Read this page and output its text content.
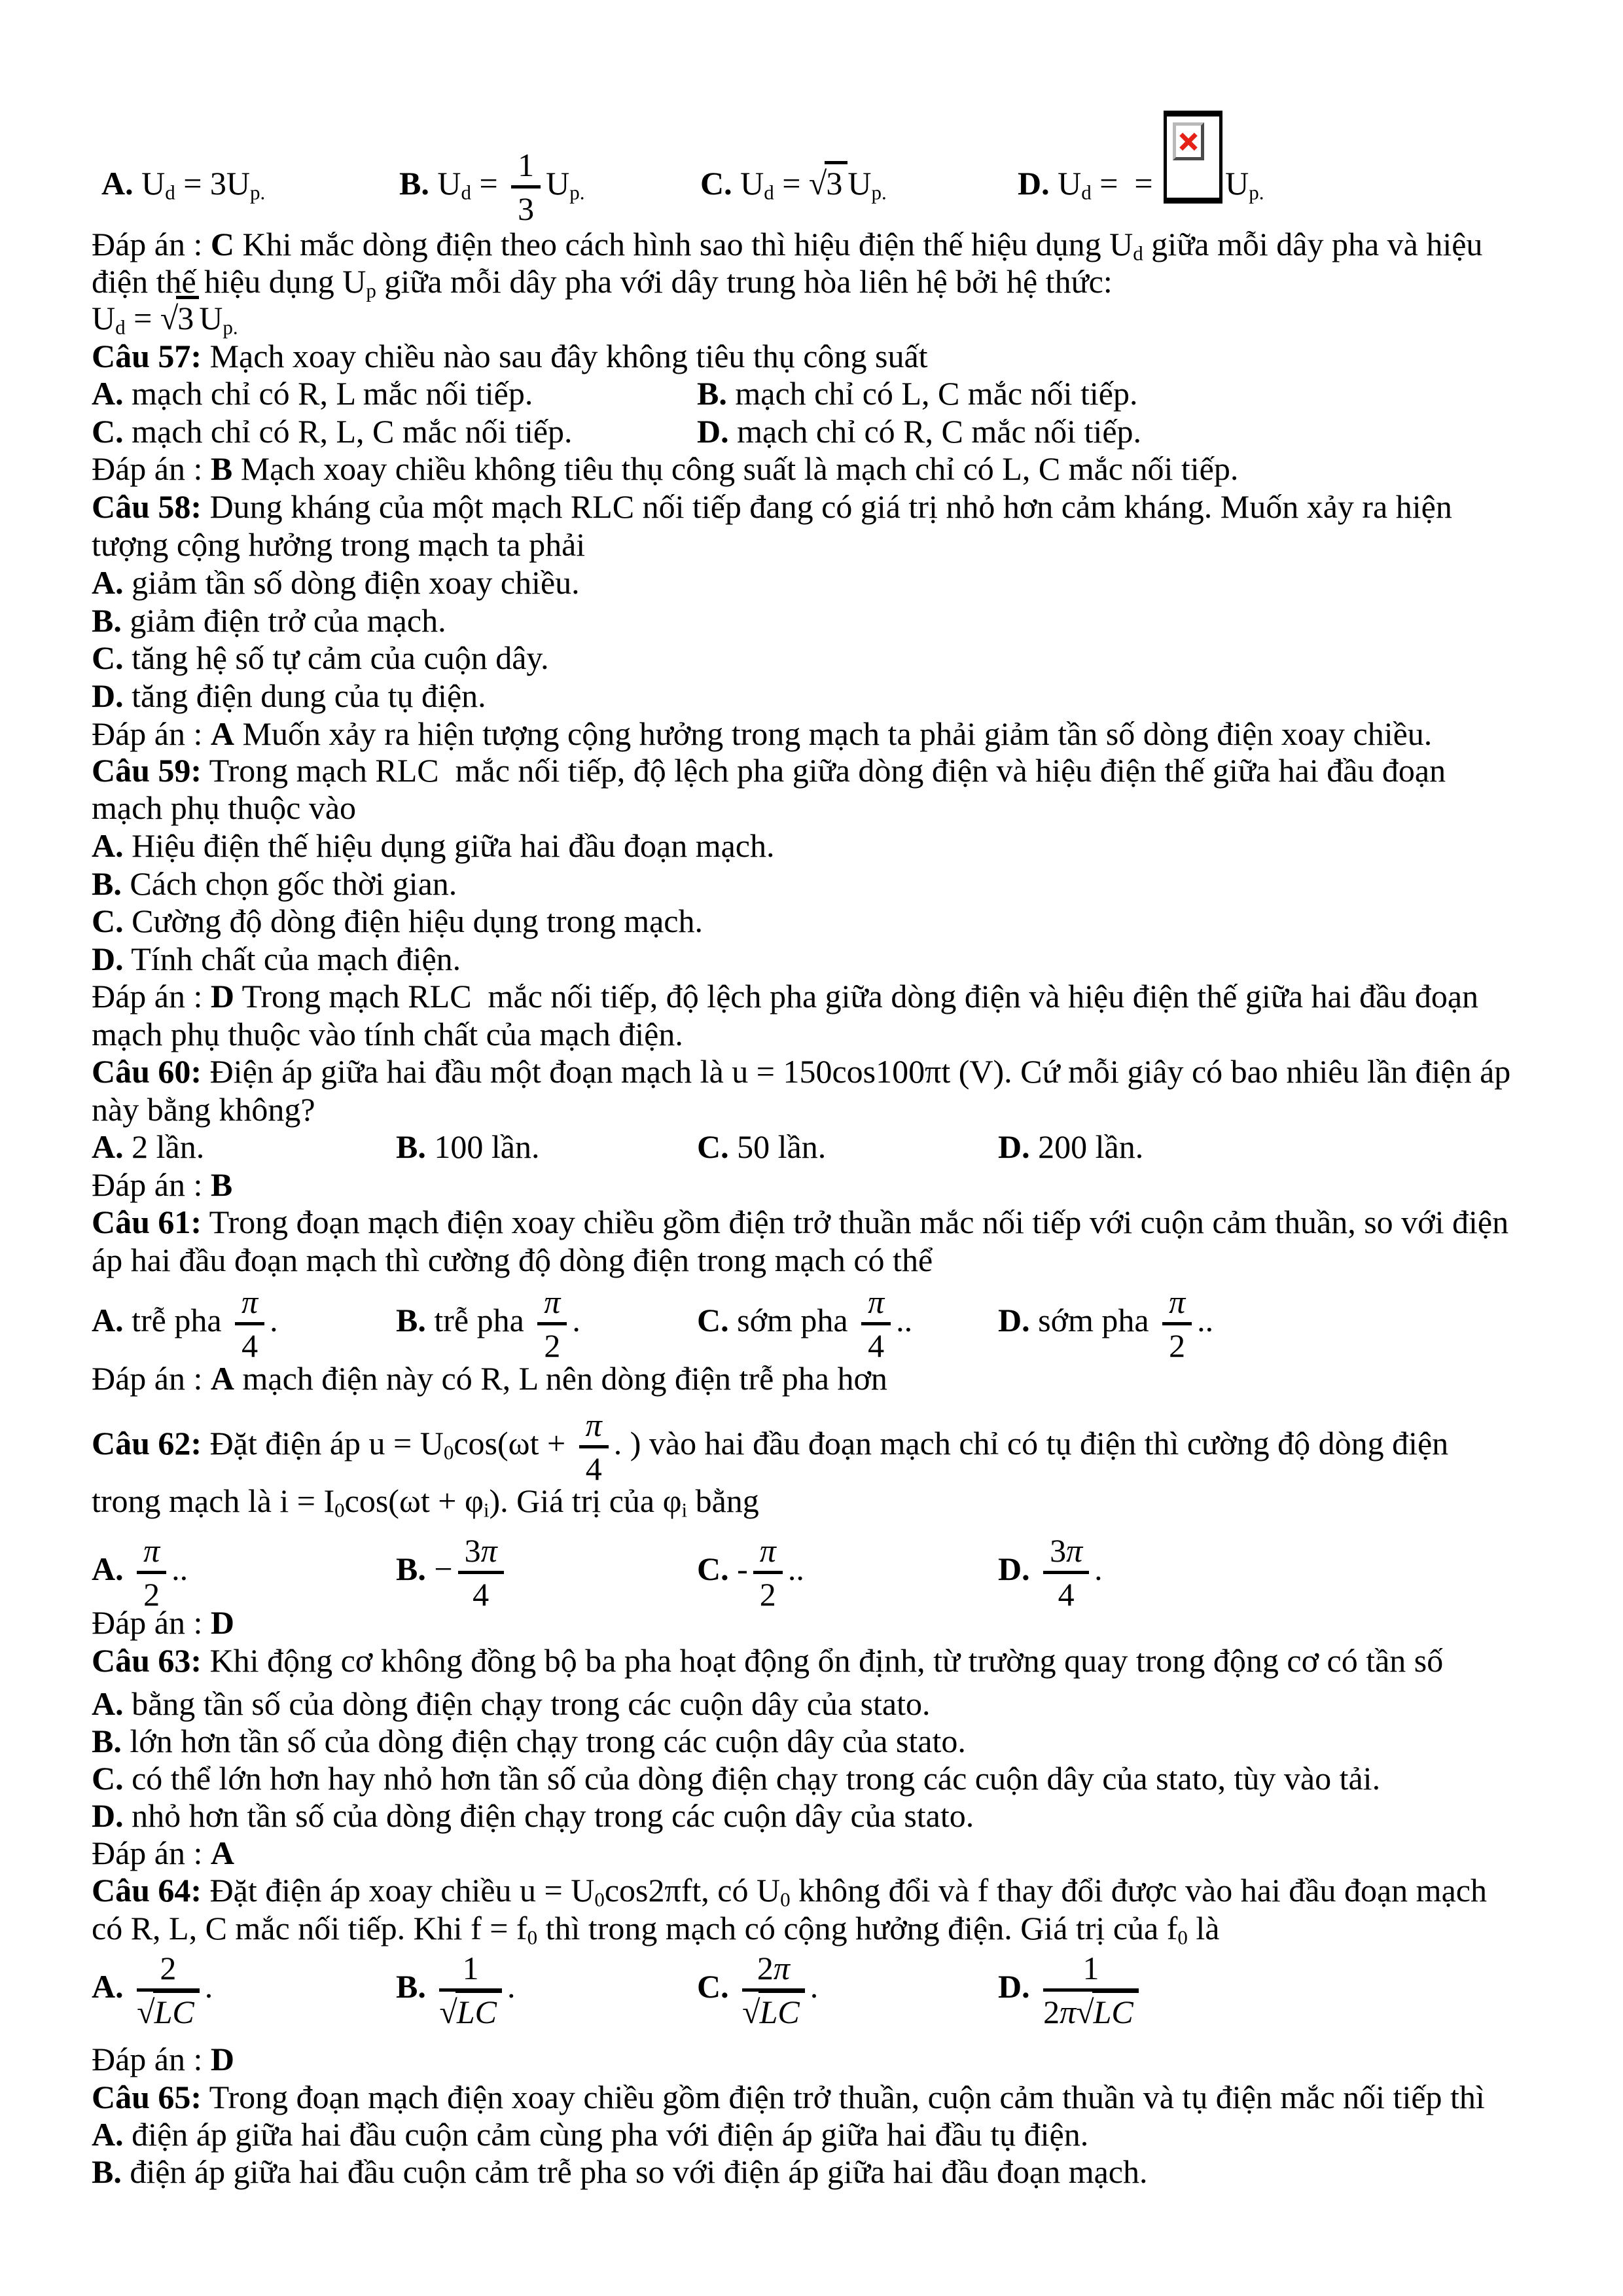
A. Ud = 3Up.	B. $Ud = \frac{1}{3} Up$.	C. Ud = √3 Up.	D. Ud =  =
Up.
Đáp án : C Khi mắc dòng điện theo cách hình sao thì hiệu điện thế hiệu dụng Ud giữa mỗi dây pha và hiệu
điện thế hiệu dụng Up giữa mỗi dây pha với dây trung hòa liên hệ bởi hệ thức:
Ud = √3 Up.
Câu 57: Mạch xoay chiều nào sau đây không tiêu thụ công suất
A. mạch chỉ có R, L mắc nối tiếp.	B. mạch chỉ có L, C mắc nối tiếp.
C. mạch chỉ có R, L, C mắc nối tiếp.	D. mạch chỉ có R, C mắc nối tiếp.
Đáp án : B Mạch xoay chiều không tiêu thụ công suất là mạch chỉ có L, C mắc nối tiếp.
Câu 58: Dung kháng của một mạch RLC nối tiếp đang có giá trị nhỏ hơn cảm kháng. Muốn xảy ra hiện
tượng cộng hưởng trong mạch ta phải
A. giảm tần số dòng điện xoay chiều.
B. giảm điện trở của mạch.
C. tăng hệ số tự cảm của cuộn dây.
D. tăng điện dung của tụ điện.
Đáp án : A Muốn xảy ra hiện tượng cộng hưởng trong mạch ta phải giảm tần số dòng điện xoay chiều.
Câu 59: Trong mạch RLC  mắc nối tiếp, độ lệch pha giữa dòng điện và hiệu điện thế giữa hai đầu đoạn
mạch phụ thuộc vào
A. Hiệu điện thế hiệu dụng giữa hai đầu đoạn mạch.
B. Cách chọn gốc thời gian.
C. Cường độ dòng điện hiệu dụng trong mạch.
D. Tính chất của mạch điện.
Đáp án : D Trong mạch RLC  mắc nối tiếp, độ lệch pha giữa dòng điện và hiệu điện thế giữa hai đầu đoạn
mạch phụ thuộc vào tính chất của mạch điện.
Câu 60: Điện áp giữa hai đầu một đoạn mạch là u = 150cos100πt (V). Cứ mỗi giây có bao nhiêu lần điện áp
này bằng không?
A. 2 lần.	B. 100 lần.	C. 50 lần.	D. 200 lần.
Đáp án : B
Câu 61: Trong đoạn mạch điện xoay chiều gồm điện trở thuần mắc nối tiếp với cuộn cảm thuần, so với điện
áp hai đầu đoạn mạch thì cường độ dòng điện trong mạch có thể
A. trễ pha $\frac{\pi}{4}$ .	B. trễ pha $\frac{\pi}{2}$ .	C. sớm pha $\frac{\pi}{4}$ ..	D. sớm pha $\frac{\pi}{2}$ ..
Đáp án : A mạch điện này có R, L nên dòng điện trễ pha hơn
Câu 62: Đặt điện áp $u = U0\cos(\omega t + \frac{\pi}{4}$ . ) vào hai đầu đoạn mạch chỉ có tụ điện thì cường độ dòng điện
trong mạch là i = I0cos(ωt + φi). Giá trị của φi bằng
A. $\frac{\pi}{2}$ ..	B. − $\frac{3\pi}{4}$	C. - $\frac{\pi}{2}$ ..	D. $\frac{3\pi}{4}$ .
Đáp án : D
Câu 63: Khi động cơ không đồng bộ ba pha hoạt động ổn định, từ trường quay trong động cơ có tần số
A. bằng tần số của dòng điện chạy trong các cuộn dây của stato.
B. lớn hơn tần số của dòng điện chạy trong các cuộn dây của stato.
C. có thể lớn hơn hay nhỏ hơn tần số của dòng điện chạy trong các cuộn dây của stato, tùy vào tải.
D. nhỏ hơn tần số của dòng điện chạy trong các cuộn dây của stato.
Đáp án : A
Câu 64: Đặt điện áp xoay chiều u = U0cos2πft, có U0 không đổi và f thay đổi được vào hai đầu đoạn mạch
có R, L, C mắc nối tiếp. Khi f = f0 thì trong mạch có cộng hưởng điện. Giá trị của f0 là
A. $\frac{2}{√LC}$ .	B. $\frac{1}{√LC}$ .	C. $\frac{2\pi}{√LC}$ .	D. $\frac{1}{2\pi√LC}$
Đáp án : D
Câu 65: Trong đoạn mạch điện xoay chiều gồm điện trở thuần, cuộn cảm thuần và tụ điện mắc nối tiếp thì
A. điện áp giữa hai đầu cuộn cảm cùng pha với điện áp giữa hai đầu tụ điện.
B. điện áp giữa hai đầu cuộn cảm trễ pha so với điện áp giữa hai đầu đoạn mạch.
